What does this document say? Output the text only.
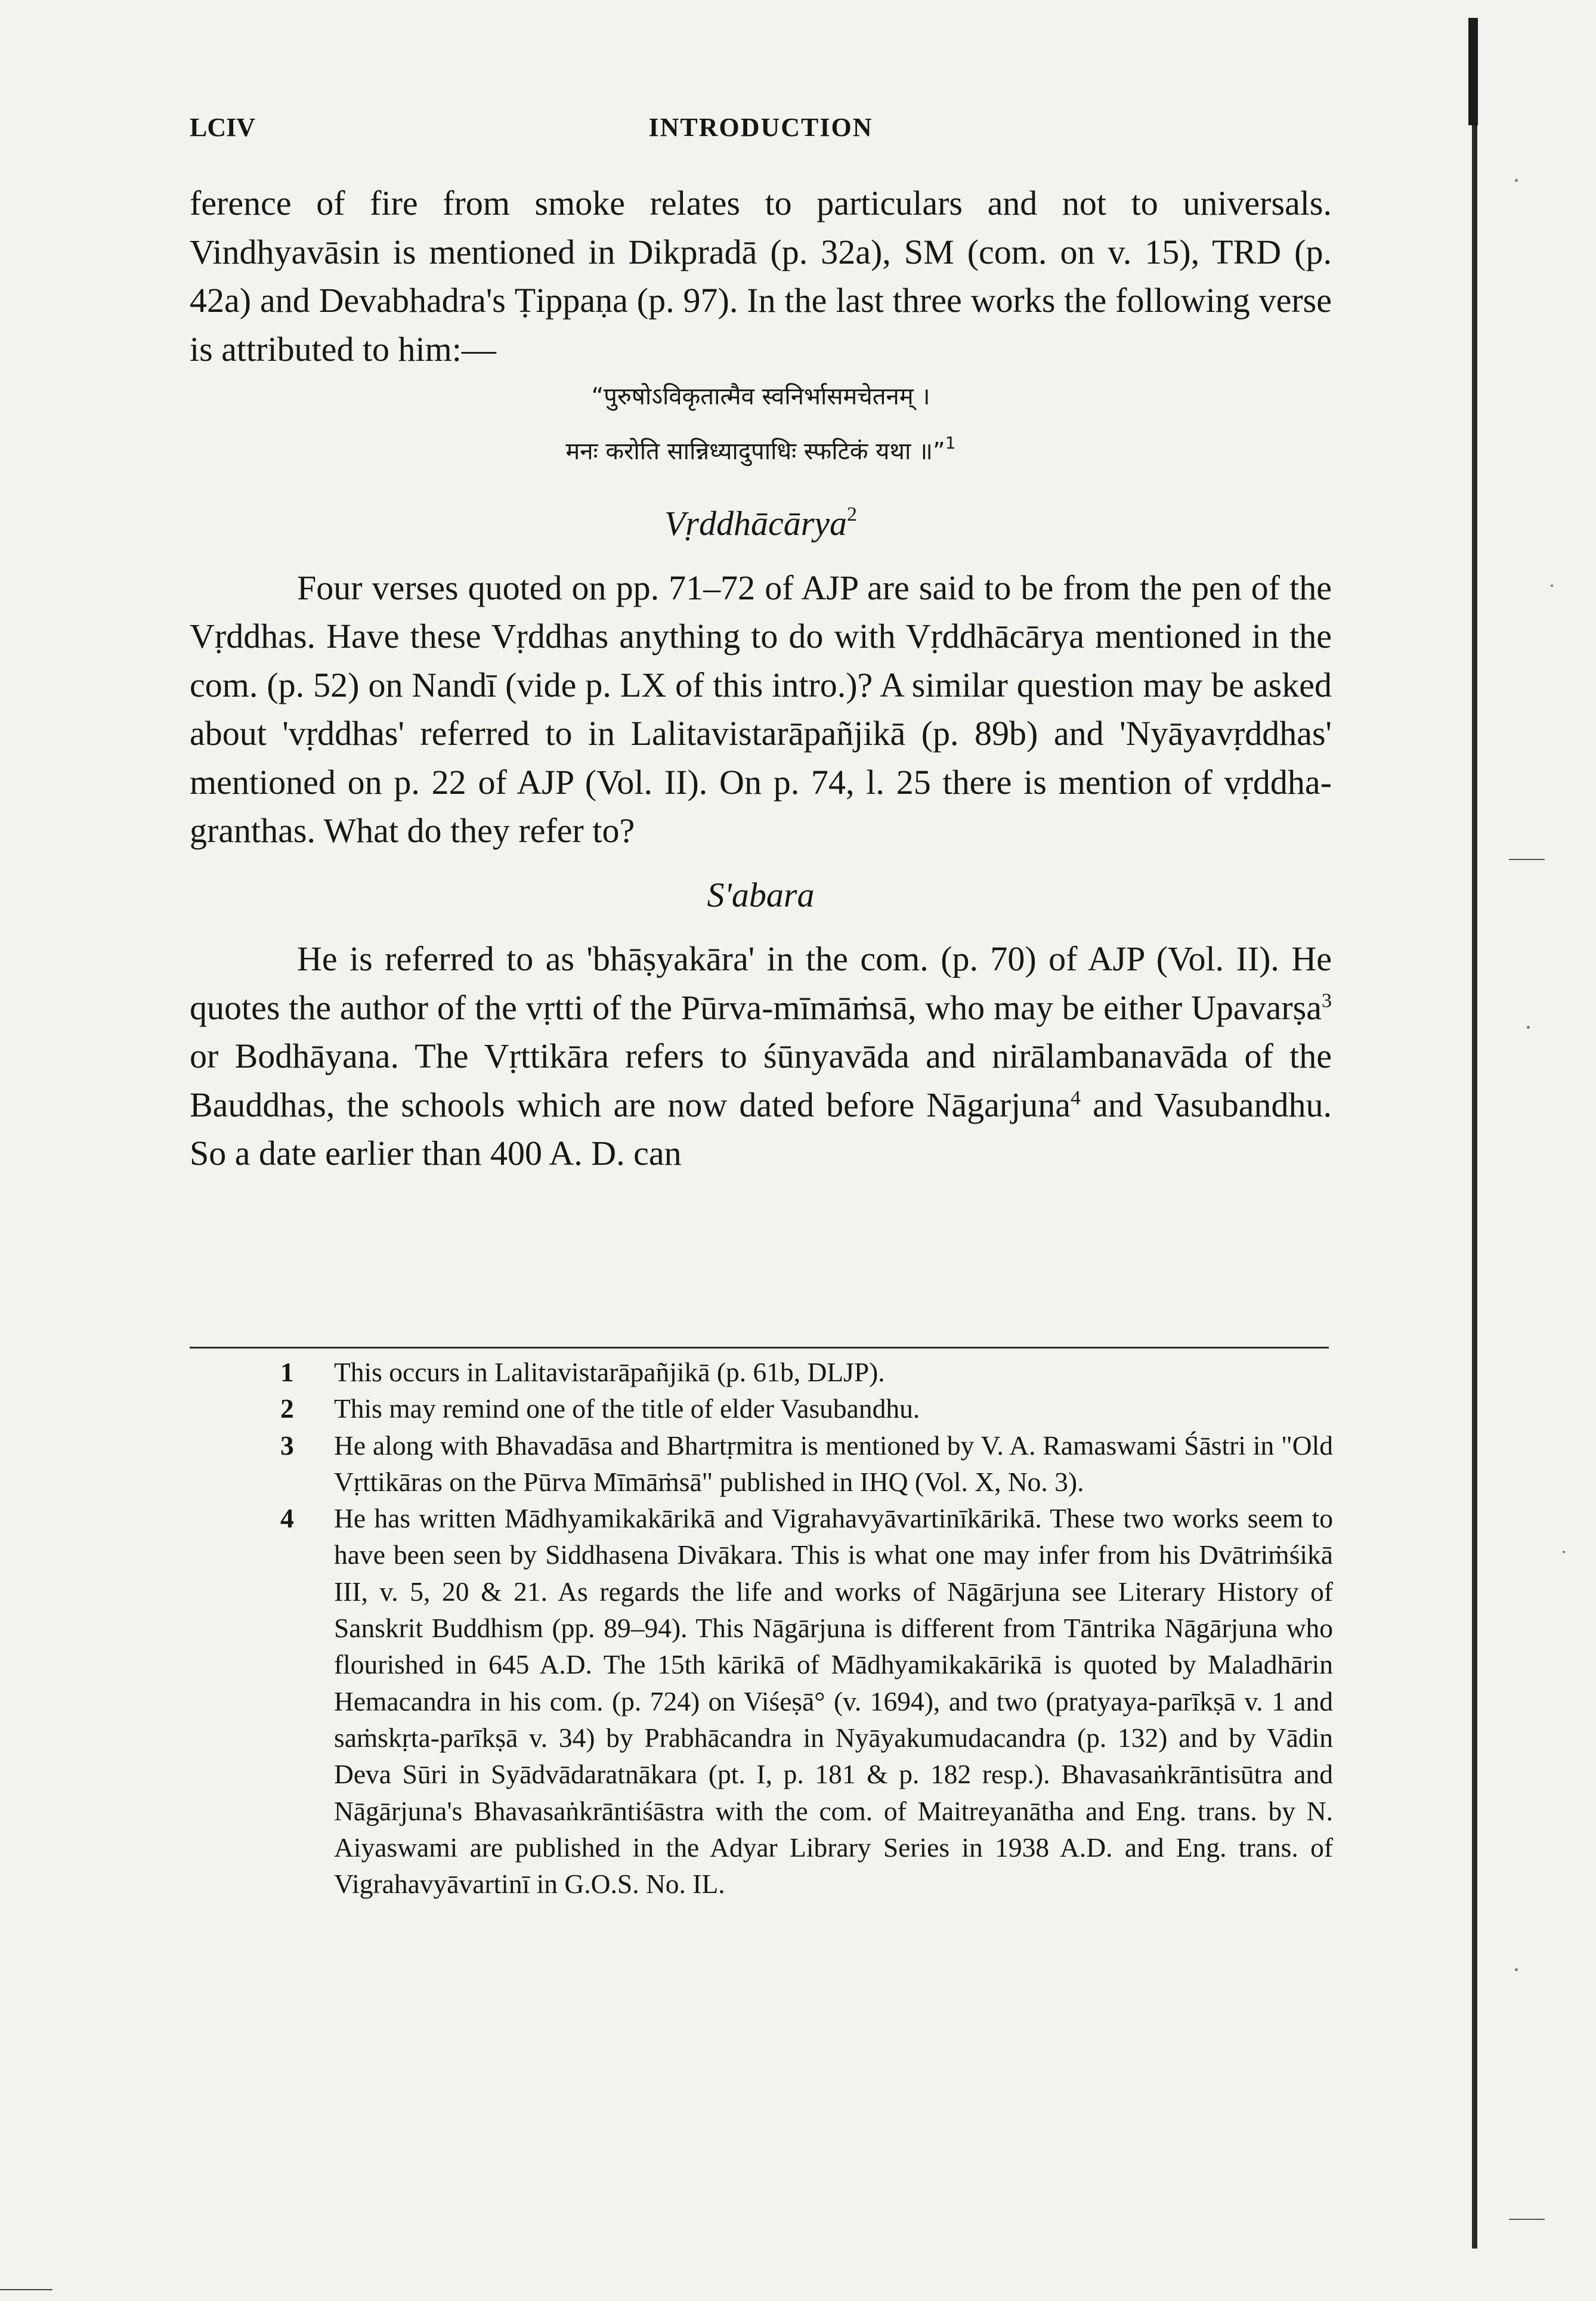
LCIV	INTRODUCTION

ference of fire from smoke relates to particulars and not to universals. Vindhyavāsin is mentioned in Dikpradā (p. 32a), SM (com. on v. 15), TRD (p. 42a) and Devabhadra's Ṭippaṇa (p. 97). In the last three works the following verse is attributed to him:—

“पुरुषोऽविकृतात्मैव स्वनिर्भासमचेतनम् ।
मनः करोति सान्निध्यादुपाधिः स्फटिकं यथा ॥”$^1$

Vṛddhācārya$^2$

Four verses quoted on pp. 71–72 of AJP are said to be from the pen of the Vṛddhas. Have these Vṛddhas anything to do with Vṛddhācārya mentioned in the com. (p. 52) on Nandī (vide p. LX of this intro.)? A similar question may be asked about 'vṛddhas' referred to in Lalitavistarāpañjikā (p. 89b) and 'Nyāyavṛddhas' mentioned on p. 22 of AJP (Vol. II). On p. 74, l. 25 there is mention of vṛddha-granthas. What do they refer to?

S'abara

He is referred to as 'bhāṣyakāra' in the com. (p. 70) of AJP (Vol. II). He quotes the author of the vṛtti of the Pūrva-mīmāṁsā, who may be either Upavarṣa$^3$ or Bodhāyana. The Vṛttikāra refers to śūnyavāda and nirālambanavāda of the Bauddhas, the schools which are now dated before Nāgarjuna$^4$ and Vasubandhu. So a date earlier than 400 A. D. can

1	This occurs in Lalitavistarāpañjikā (p. 61b, DLJP).
2	This may remind one of the title of elder Vasubandhu.
3	He along with Bhavadāsa and Bhartṛmitra is mentioned by V. A. Ramaswami Śāstri in "Old Vṛttikāras on the Pūrva Mīmāṁsā" published in IHQ (Vol. X, No. 3).
4	He has written Mādhyamikakārikā and Vigrahavyāvartinīkārikā. These two works seem to have been seen by Siddhasena Divākara. This is what one may infer from his Dvātriṁśikā III, v. 5, 20 & 21. As regards the life and works of Nāgārjuna see Literary History of Sanskrit Buddhism (pp. 89–94). This Nāgārjuna is different from Tāntrika Nāgārjuna who flourished in 645 A.D. The 15th kārikā of Mādhyamikakārikā is quoted by Maladhārin Hemacandra in his com. (p. 724) on Viśeṣā° (v. 1694), and two (pratyaya-parīkṣā v. 1 and saṁskṛta-parīkṣā v. 34) by Prabhācandra in Nyāyakumudacandra (p. 132) and by Vādin Deva Sūri in Syādvādaratnākara (pt. I, p. 181 & p. 182 resp.). Bhavasaṅkrāntisūtra and Nāgārjuna's Bhavasaṅkrāntiśāstra with the com. of Maitreyanātha and Eng. trans. by N. Aiyaswami are published in the Adyar Library Series in 1938 A.D. and Eng. trans. of Vigrahavyāvartinī in G.O.S. No. IL.
